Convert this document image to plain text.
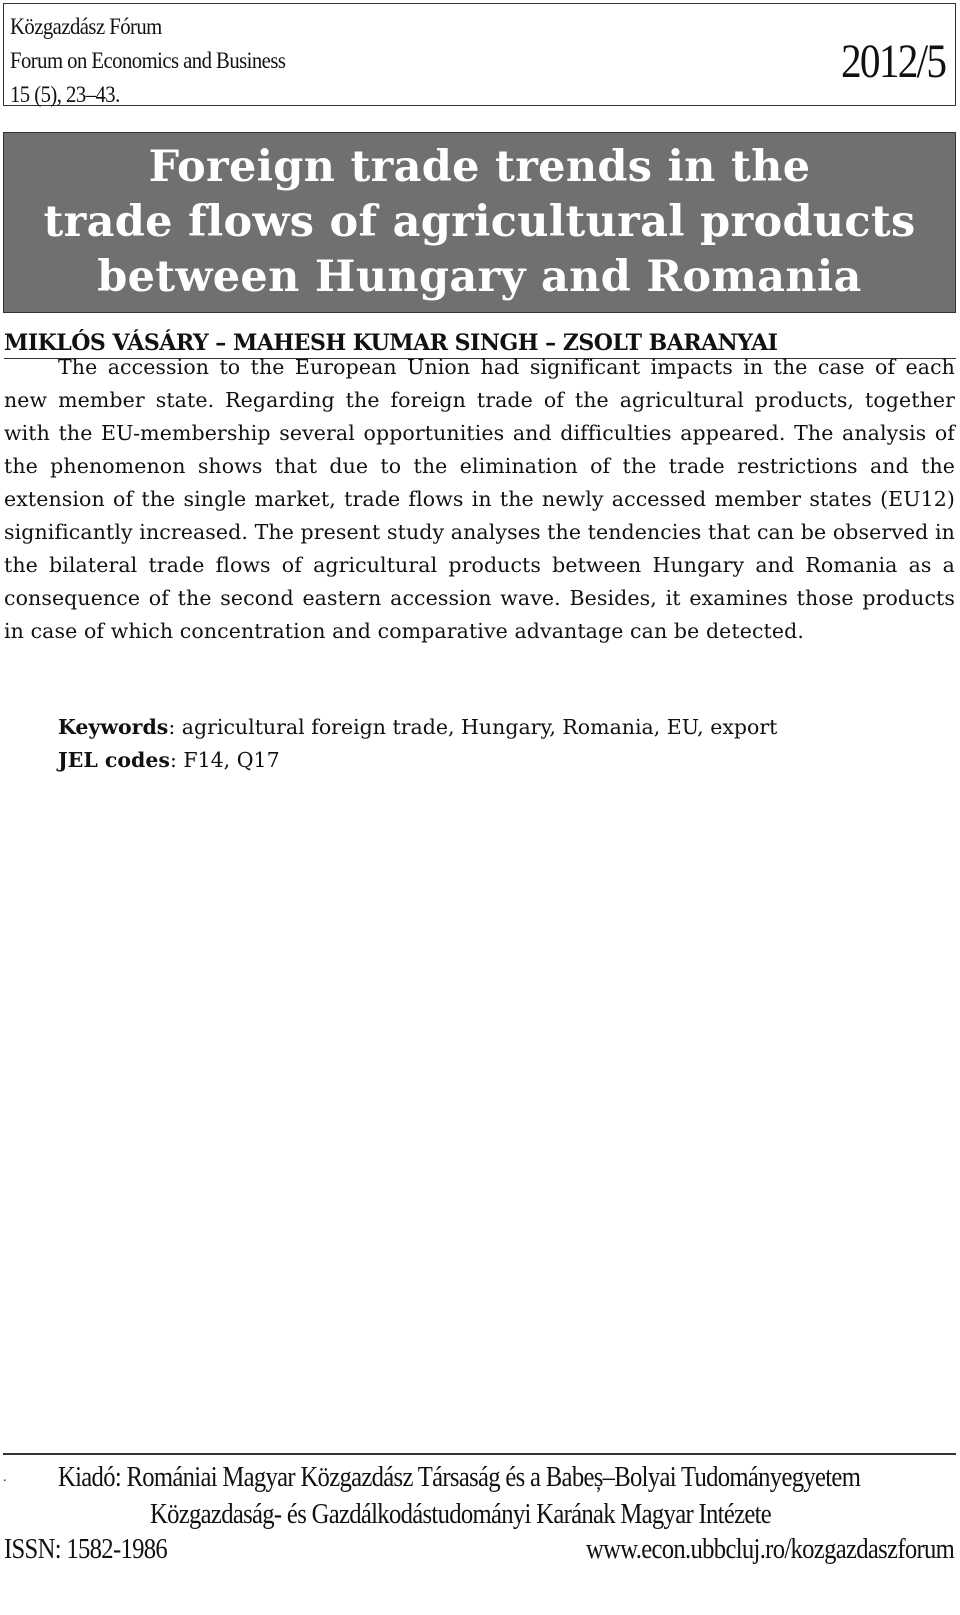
Közgazdász Fórum
Forum on Economics and Business
15 (5), 23–43.
2012/5
Foreign trade trends in the
trade flows of agricultural products
between Hungary and Romania
MIKLÓS VÁSÁRY – MAHESH KUMAR SINGH – ZSOLT BARANYAI

The accession to the European Union had significant impacts in the case of each new member state. Regarding the foreign trade of the agricultural products, together with the EU-membership several opportunities and difficulties appeared. The analysis of the phenomenon shows that due to the elimination of the trade restrictions and the extension of the single market, trade flows in the newly accessed member states (EU12) significantly increased. The present study analyses the tendencies that can be observed in the bilateral trade flows of agricultural products between Hungary and Romania as a consequence of the second eastern accession wave. Besides, it examines those products in case of which concentration and comparative advantage can be detected.

Keywords: agricultural foreign trade, Hungary, Romania, EU, export
JEL codes: F14, Q17
. Kiadó: Romániai Magyar Közgazdász Társaság és a Babeș–Bolyai Tudományegyetem
Közgazdaság- és Gazdálkodástudományi Karának Magyar Intézete
ISSN: 1582-1986	www.econ.ubbcluj.ro/kozgazdaszforum
